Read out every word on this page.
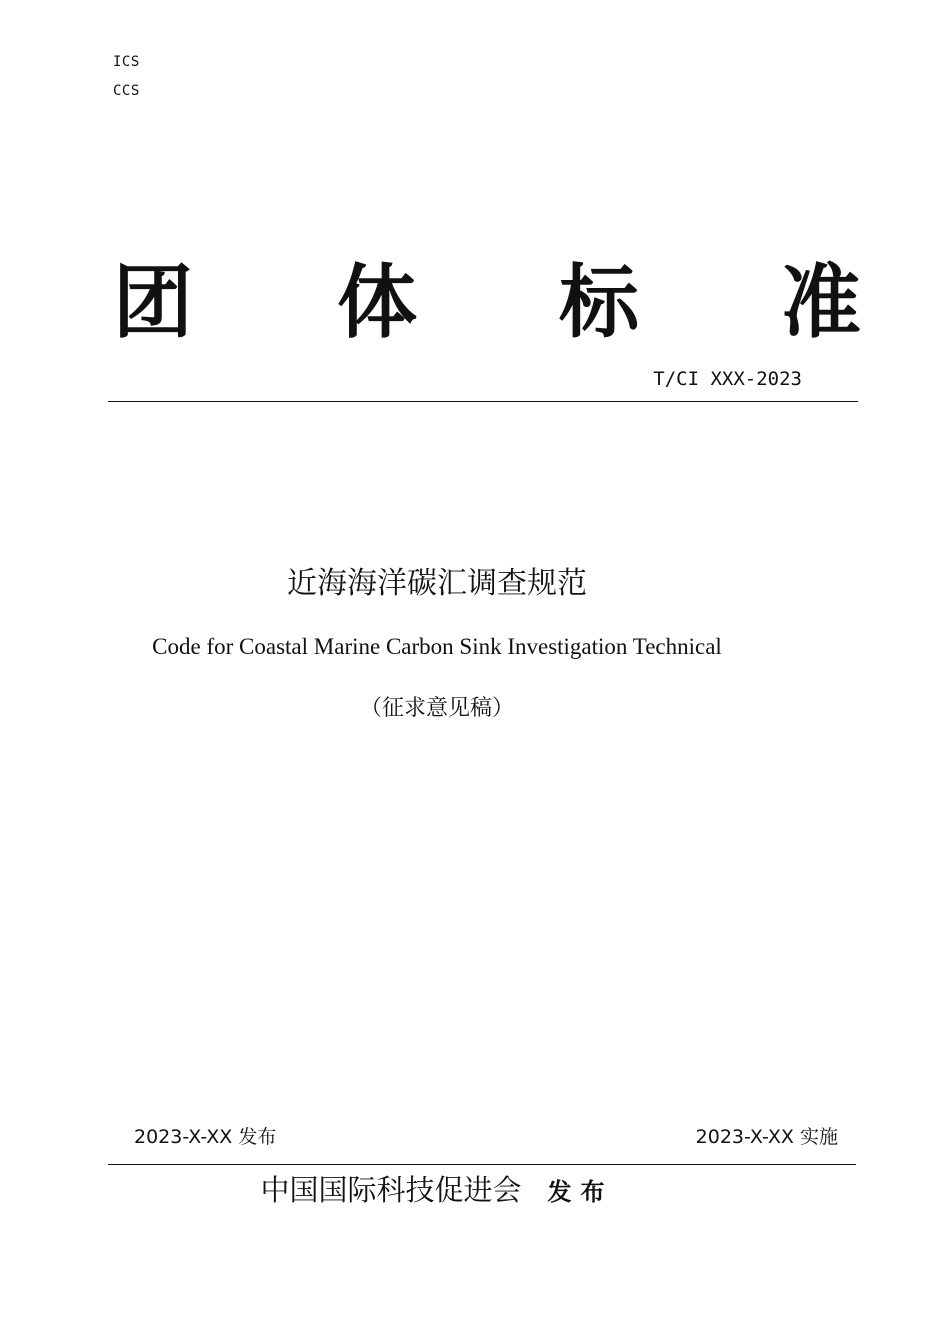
ICS
CCS
团 体 标 准
T/CI XXX-2023
近海海洋碳汇调查规范
Code for Coastal Marine Carbon Sink Investigation Technical
（征求意见稿）
2023-X-XX 发布	2023-X-XX 实施
中国国际科技促进会 发布
